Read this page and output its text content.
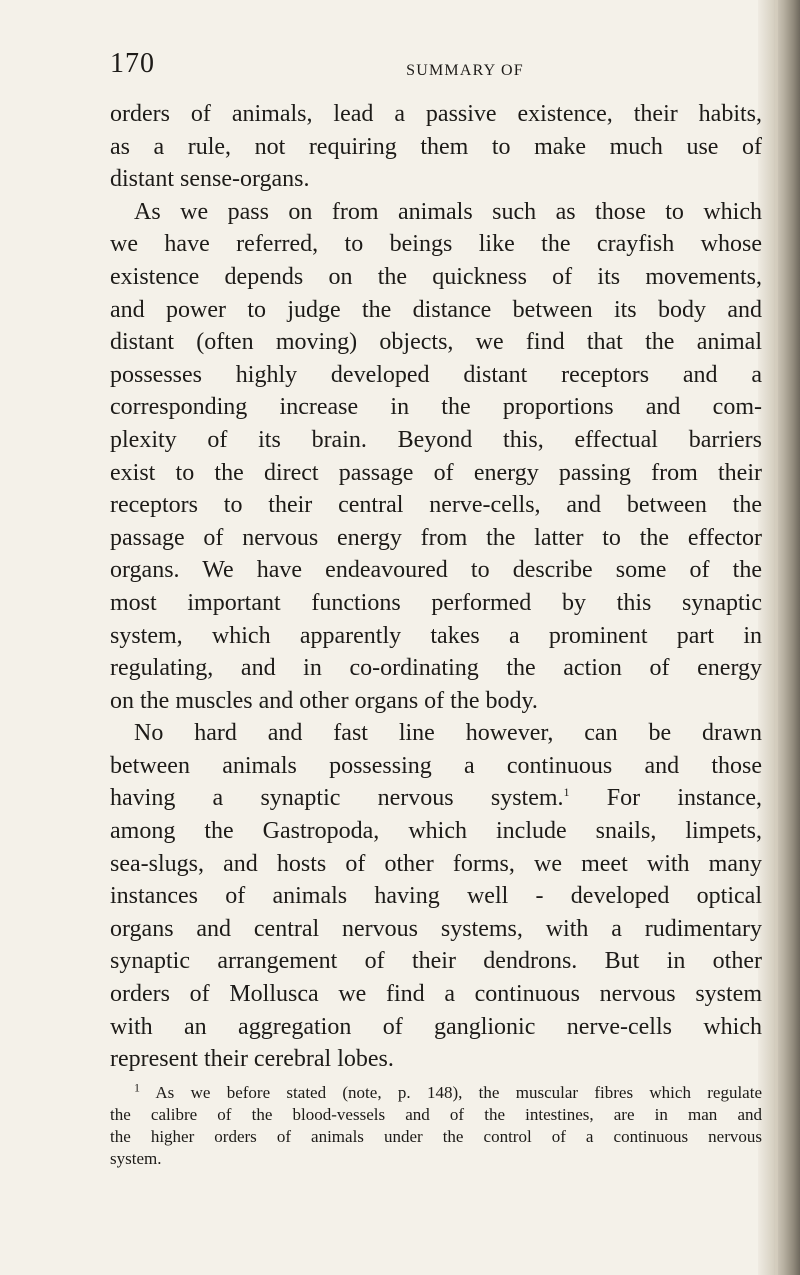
170	SUMMARY OF
orders of animals, lead a passive existence, their habits,
as a rule, not requiring them to make much use of
distant sense-organs.
As we pass on from animals such as those to which
we have referred, to beings like the crayfish whose
existence depends on the quickness of its movements,
and power to judge the distance between its body and
distant (often moving) objects, we find that the animal
possesses highly developed distant receptors and a
corresponding increase in the proportions and com-
plexity of its brain. Beyond this, effectual barriers
exist to the direct passage of energy passing from their
receptors to their central nerve-cells, and between the
passage of nervous energy from the latter to the effector
organs. We have endeavoured to describe some of the
most important functions performed by this synaptic
system, which apparently takes a prominent part in
regulating, and in co-ordinating the action of energy
on the muscles and other organs of the body.
No hard and fast line however, can be drawn
between animals possessing a continuous and those
having a synaptic nervous system.$^1$ For instance,
among the Gastropoda, which include snails, limpets,
sea-slugs, and hosts of other forms, we meet with many
instances of animals having well - developed optical
organs and central nervous systems, with a rudimentary
synaptic arrangement of their dendrons. But in other
orders of Mollusca we find a continuous nervous system
with an aggregation of ganglionic nerve-cells which
represent their cerebral lobes.
$^1$ As we before stated (note, p. 148), the muscular fibres which regulate
the calibre of the blood-vessels and of the intestines, are in man and
the higher orders of animals under the control of a continuous nervous
system.
